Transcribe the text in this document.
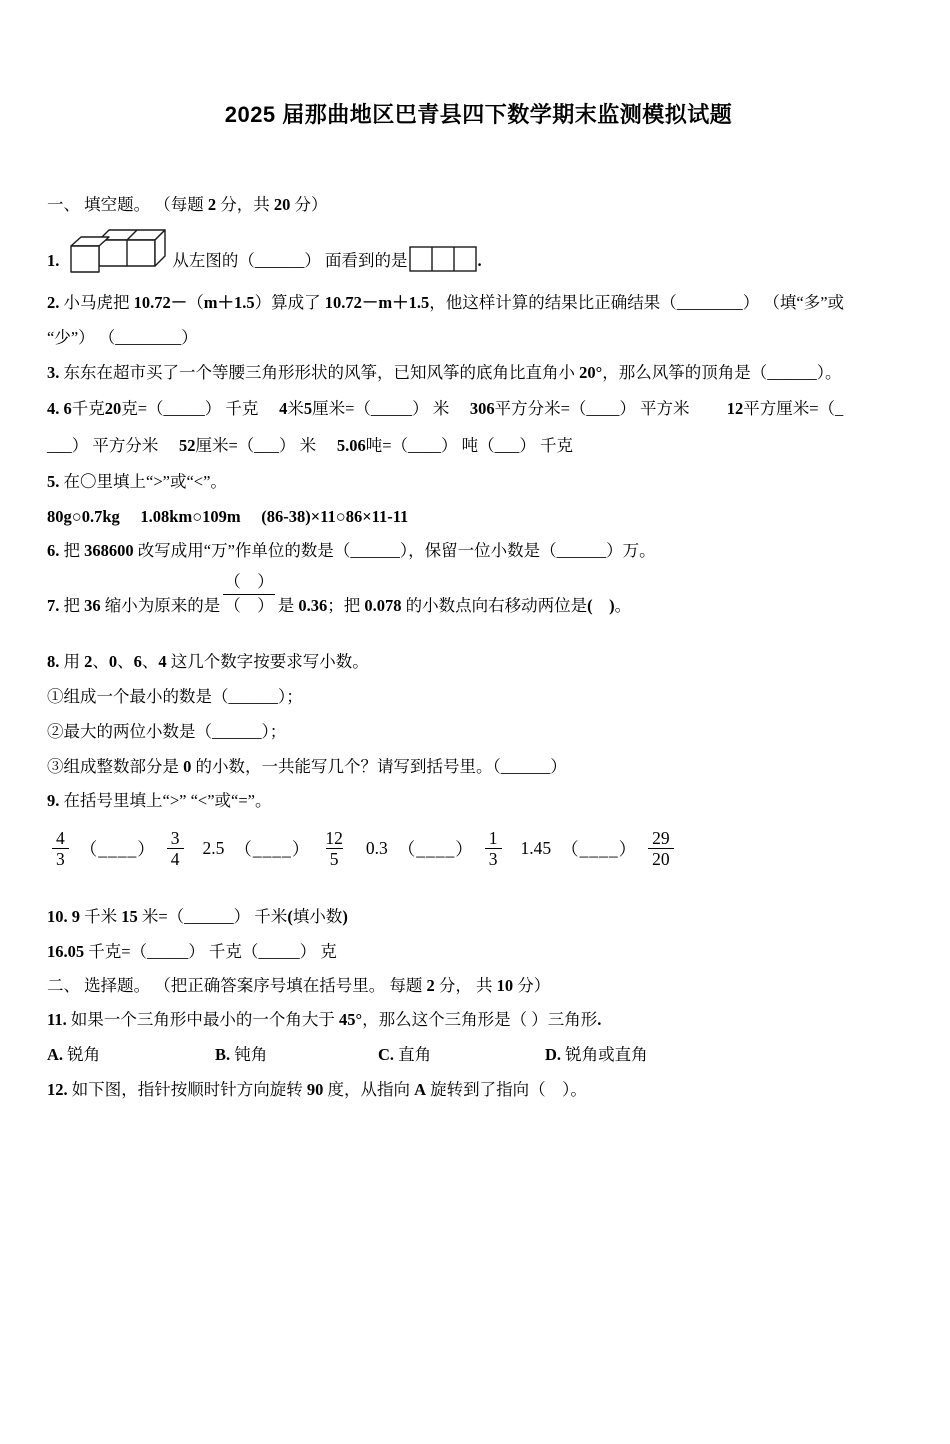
2025 届那曲地区巴青县四下数学期末监测模拟试题
一、 填空题。 （每题 2 分，共 20 分）
1.	从左图的（______） 面看到的是	.
2. 小马虎把 10.72－（m＋1.5）算成了 10.72－m＋1.5，他这样计算的结果比正确结果（________） （填“多”或
“少”） （________）
3. 东东在超市买了一个等腰三角形形状的风筝，已知风筝的底角比直角小 20°，那么风筝的顶角是（______）。
4. 6千克20克=（_____） 千克　 4米5厘米=（_____） 米　 306平方分米=（____） 平方米　　 12平方厘米=（_
___） 平方分米　 52厘米=（___） 米　 5.06吨=（____） 吨（___） 千克
5. 在〇里填上“>”或“<”。
80g○0.7kg　 1.08km○109m　 (86-38)×11○86×11-11
6. 把 368600 改写成用“万”作单位的数是（______），保留一位小数是（______）万。
7. 把 36 缩小为原来的是
（　）
（　） 是 0.36；把 0.078 的小数点向右移动两位是(　 )。
8. 用 2、0、6、4 这几个数字按要求写小数。
①组成一个最小的数是（______）；
②最大的两位小数是（______）；
③组成整数部分是 0 的小数，一共能写几个？请写到括号里。（______）
9. 在括号里填上“>” “<”或“=”。
4
3 （____）
3
4
2.5 （____）
12
5
0.3 （____）
1
3
1.45 （____）
29
20
10. 9 千米 15 米=（______） 千米(填小数)
16.05 千克=（_____） 千克（_____） 克
二、 选择题。 （把正确答案序号填在括号里。 每题 2 分， 共 10 分）
11. 如果一个三角形中最小的一个角大于 45°，那么这个三角形是（ ）三角形.
A. 锐角	B. 钝角	C. 直角	D. 锐角或直角
12. 如下图，指针按顺时针方向旋转 90 度，从指向 A 旋转到了指向（　）。
